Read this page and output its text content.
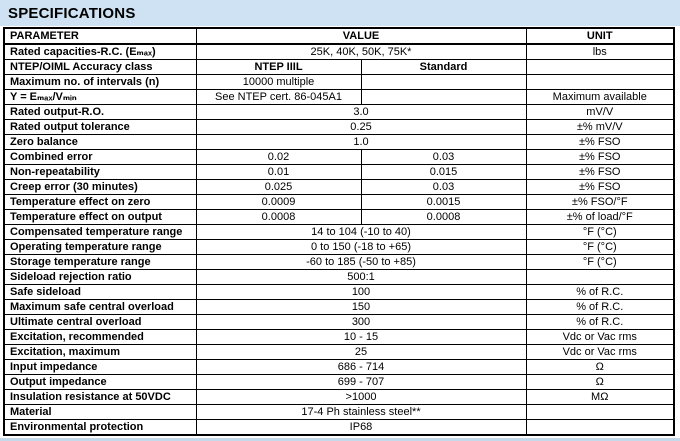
SPECIFICATIONS
PARAMETER	VALUE		UNIT
Rated capacities-R.C. (Eₘₐₓ)	25K, 40K, 50K, 75K*		lbs
NTEP/OIML Accuracy class	NTEP IIIL	Standard	
Maximum no. of intervals (n)	10000 multiple		
Y = Eₘₐₓ/Vₘᵢₙ	See NTEP cert. 86-045A1		Maximum available
Rated output-R.O.	3.0		mV/V
Rated output tolerance	0.25		±% mV/V
Zero balance	1.0		±% FSO
Combined error	0.02	0.03	±% FSO
Non-repeatability	0.01	0.015	±% FSO
Creep error (30 minutes)	0.025	0.03	±% FSO
Temperature effect on zero	0.0009	0.0015	±% FSO/°F
Temperature effect on output	0.0008	0.0008	±% of load/°F
Compensated temperature range	14 to 104 (-10 to 40)		°F (°C)
Operating temperature range	0 to 150 (-18 to +65)		°F (°C)
Storage temperature range	-60 to 185 (-50 to +85)		°F (°C)
Sideload rejection ratio	500:1		
Safe sideload	100		% of R.C.
Maximum safe central overload	150		% of R.C.
Ultimate central overload	300		% of R.C.
Excitation, recommended	10 - 15		Vdc or Vac rms
Excitation, maximum	25		Vdc or Vac rms
Input impedance	686 - 714		Ω
Output impedance	699 - 707		Ω
Insulation resistance at 50VDC	>1000		MΩ
Material	17-4 Ph stainless steel**		
Environmental protection	IP68		
